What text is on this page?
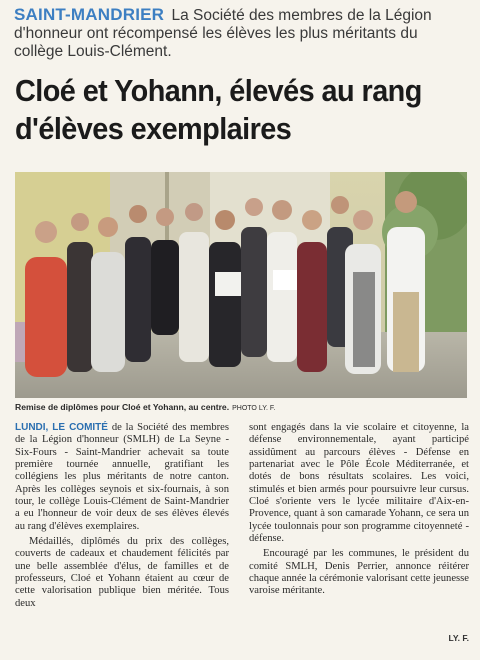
SAINT-MANDRIER La Société des membres de la Légion d'honneur ont récompensé les élèves les plus méritants du collège Louis-Clément.
Cloé et Yohann, élevés au rang d'élèves exemplaires
Remise de diplômes pour Cloé et Yohann, au centre. PHOTO LY. F.

LUNDI, LE COMITÉ de la Société des membres de la Légion d'honneur (SMLH) de La Seyne - Six-Fours - Saint-Mandrier achevait sa toute première tournée annuelle, gratifiant les collégiens les plus méritants de notre canton. Après les collèges seynois et six-fournais, à son tour, le collège Louis-Clément de Saint-Mandrier a eu l'honneur de voir deux de ses élèves élevés au rang d'élèves exemplaires.

Médaillés, diplômés du prix des collèges, couverts de cadeaux et chaudement félicités par une belle assemblée d'élus, de familles et de professeurs, Cloé et Yohann étaient au cœur de cette valorisation publique bien méritée. Tous deux

sont engagés dans la vie scolaire et citoyenne, la défense environnementale, ayant participé assidûment au parcours élèves - Défense en partenariat avec le Pôle École Méditerranée, et dotés de bons résultats scolaires. Les voici, stimulés et bien armés pour poursuivre leur cursus. Cloé s'oriente vers le lycée militaire d'Aix-en-Provence, quant à son camarade Yohann, ce sera un lycée toulonnais pour son programme citoyenneté - défense.

Encouragé par les communes, le président du comité SMLH, Denis Perrier, annonce réitérer chaque année la cérémonie valorisant cette jeunesse varoise méritante.

LY. F.
